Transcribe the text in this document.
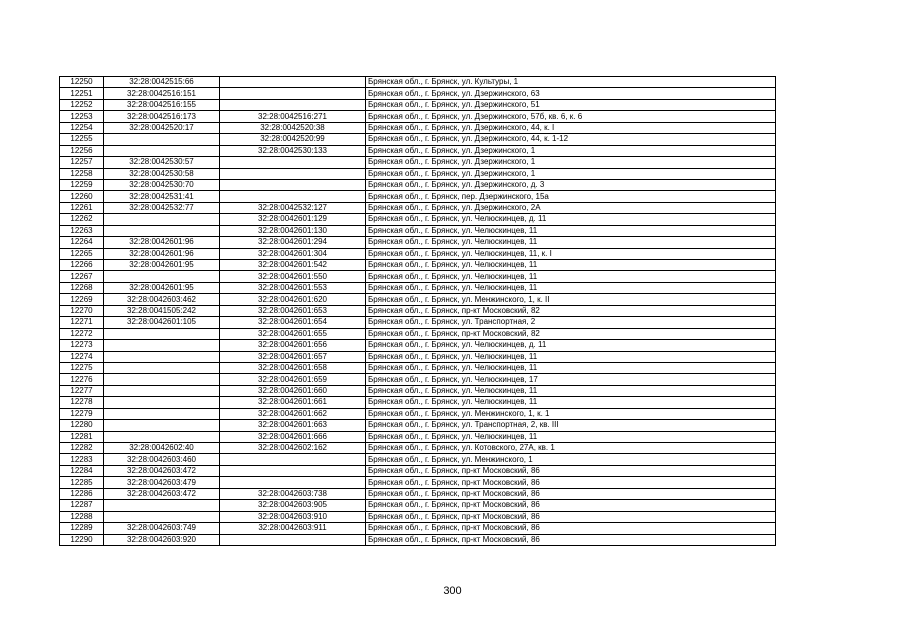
12250	32:28:0042515:66		Брянская обл., г. Брянск, ул. Культуры, 1
12251	32:28:0042516:151		Брянская обл., г. Брянск, ул. Дзержинского, 63
12252	32:28:0042516:155		Брянская обл., г. Брянск, ул. Дзержинского, 51
12253	32:28:0042516:173	32:28:0042516:271	Брянская обл., г. Брянск, ул. Дзержинского, 57б, кв. 6, к. 6
12254	32:28:0042520:17	32:28:0042520:38	Брянская обл., г. Брянск, ул. Дзержинского, 44, к. I
12255		32:28:0042520:99	Брянская обл., г. Брянск, ул. Дзержинского, 44, к. 1-12
12256		32:28:0042530:133	Брянская обл., г. Брянск, ул. Дзержинского, 1
12257	32:28:0042530:57		Брянская обл., г. Брянск, ул. Дзержинского, 1
12258	32:28:0042530:58		Брянская обл., г. Брянск, ул. Дзержинского, 1
12259	32:28:0042530:70		Брянская обл., г. Брянск, ул. Дзержинского, д. 3
12260	32:28:0042531:41		Брянская обл., г. Брянск, пер. Дзержинского, 15а
12261	32:28:0042532:77	32:28:0042532:127	Брянская обл., г. Брянск, ул. Дзержинского, 2А
12262		32:28:0042601:129	Брянская обл., г. Брянск, ул. Челюскинцев, д. 11
12263		32:28:0042601:130	Брянская обл., г. Брянск, ул. Челюскинцев, 11
12264	32:28:0042601:96	32:28:0042601:294	Брянская обл., г. Брянск, ул. Челюскинцев, 11
12265	32:28:0042601:96	32:28:0042601:304	Брянская обл., г. Брянск, ул. Челюскинцев, 11, к. I
12266	32:28:0042601:95	32:28:0042601:542	Брянская обл., г. Брянск, ул. Челюскинцев, 11
12267		32:28:0042601:550	Брянская обл., г. Брянск, ул. Челюскинцев, 11
12268	32:28:0042601:95	32:28:0042601:553	Брянская обл., г. Брянск, ул. Челюскинцев, 11
12269	32:28:0042603:462	32:28:0042601:620	Брянская обл., г. Брянск, ул. Менжинского, 1, к. II
12270	32:28:0041505:242	32:28:0042601:653	Брянская обл., г. Брянск, пр-кт Московский, 82
12271	32:28:0042601:105	32:28:0042601:654	Брянская обл., г. Брянск, ул. Транспортная, 2
12272		32:28:0042601:655	Брянская обл., г. Брянск, пр-кт Московский, 82
12273		32:28:0042601:656	Брянская обл., г. Брянск, ул. Челюскинцев, д. 11
12274		32:28:0042601:657	Брянская обл., г. Брянск, ул. Челюскинцев, 11
12275		32:28:0042601:658	Брянская обл., г. Брянск, ул. Челюскинцев, 11
12276		32:28:0042601:659	Брянская обл., г. Брянск, ул. Челюскинцев, 17
12277		32:28:0042601:660	Брянская обл., г. Брянск, ул. Челюскинцев, 11
12278		32:28:0042601:661	Брянская обл., г. Брянск, ул. Челюскинцев, 11
12279		32:28:0042601:662	Брянская обл., г. Брянск, ул. Менжинского, 1, к. 1
12280		32:28:0042601:663	Брянская обл., г. Брянск, ул. Транспортная, 2, кв. III
12281		32:28:0042601:666	Брянская обл., г. Брянск, ул. Челюскинцев, 11
12282	32:28:0042602:40	32:28:0042602:162	Брянская обл., г. Брянск, ул. Котовского, 27А, кв. 1
12283	32:28:0042603:460		Брянская обл., г. Брянск, ул. Менжинского, 1
12284	32:28:0042603:472		Брянская обл., г. Брянск, пр-кт Московский, 86
12285	32:28:0042603:479		Брянская обл., г. Брянск, пр-кт Московский, 86
12286	32:28:0042603:472	32:28:0042603:738	Брянская обл., г. Брянск, пр-кт Московский, 86
12287		32:28:0042603:905	Брянская обл., г. Брянск, пр-кт Московский, 86
12288		32:28:0042603:910	Брянская обл., г. Брянск, пр-кт Московский, 86
12289	32:28:0042603:749	32:28:0042603:911	Брянская обл., г. Брянск, пр-кт Московский, 86
12290	32:28:0042603:920		Брянская обл., г. Брянск, пр-кт Московский, 86
300
